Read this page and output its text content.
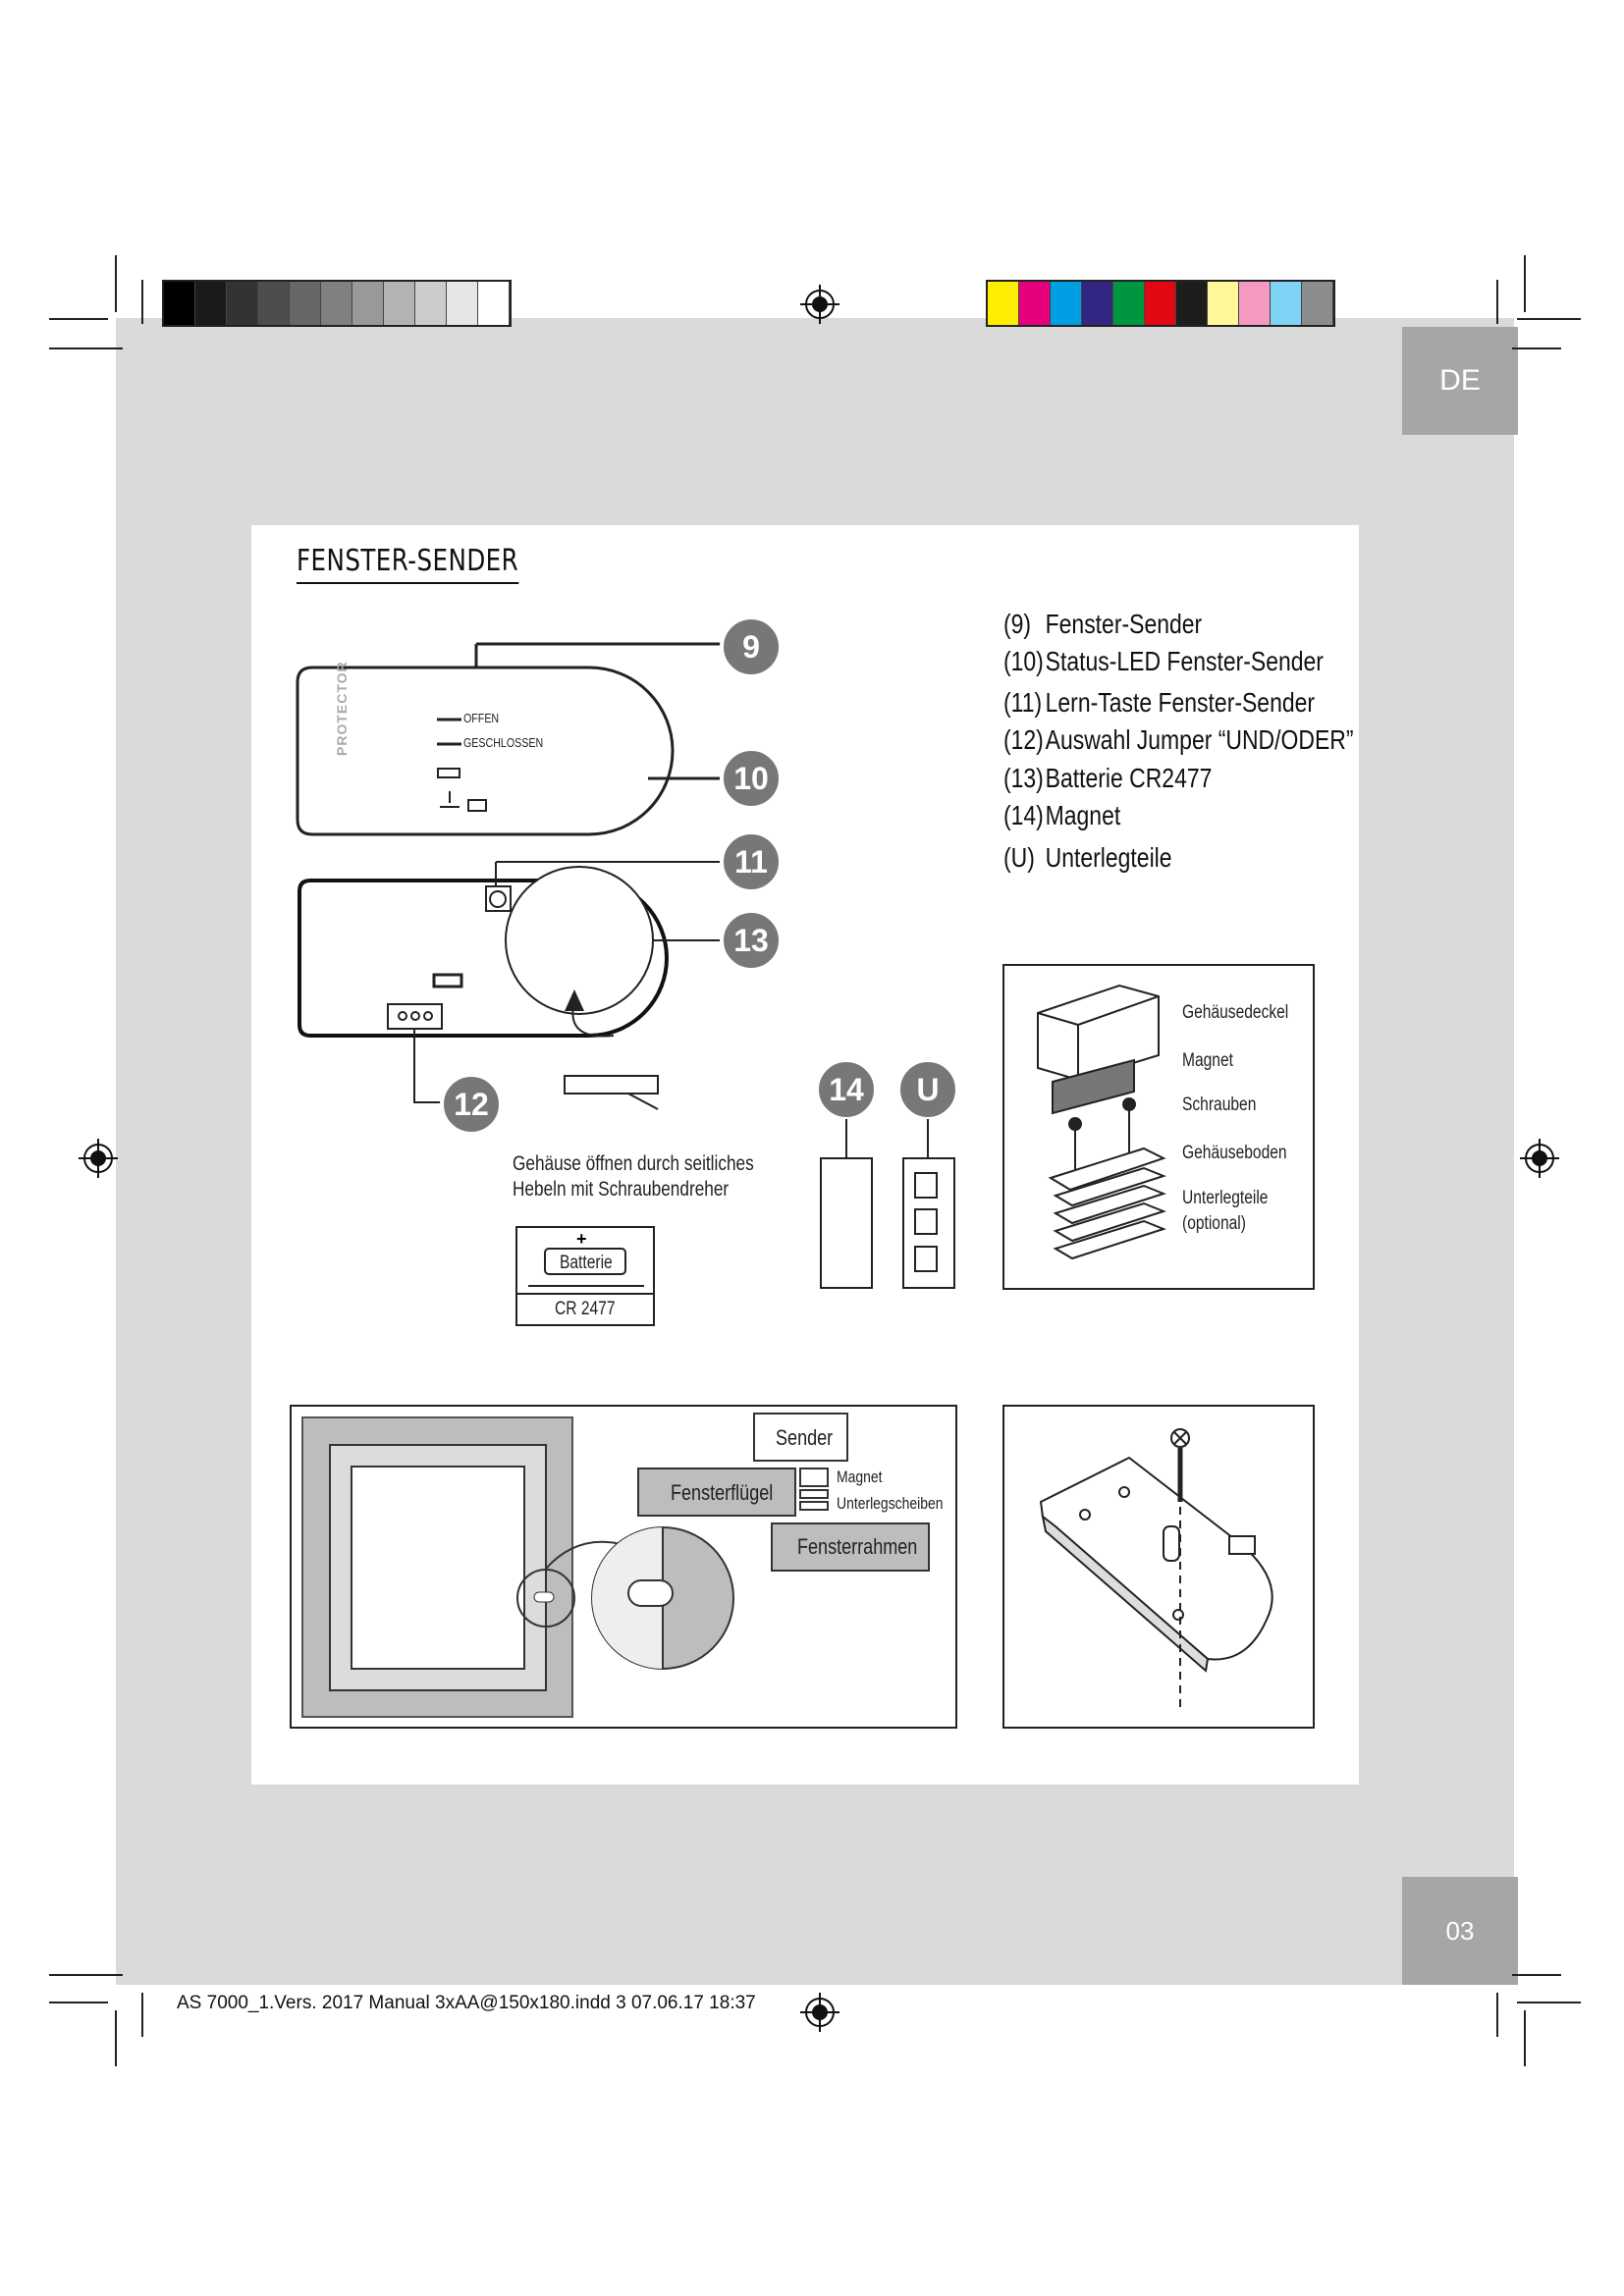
DE
03
FENSTER-SENDER
(9) Fenster-Sender
(10)Status-LED Fenster-Sender
(11) Lern-Taste Fenster-Sender
(12)Auswahl Jumper “UND/ODER”
(13)Batterie CR2477
(14)Magnet
(U) Unterlegteile
9
10
11
13
12	14 U
PROTECTOR	OFFEN
GESCHLOSSEN
Gehäuse öffnen durch seitliches
Hebeln mit Schraubendreher
+
Batterie
CR 2477
Gehäusedeckel
Magnet
Schrauben
Gehäuseboden
Unterlegteile
(optional)
Sender
Fensterflügel
Magnet
Unterlegscheiben
Fensterrahmen
AS 7000_1.Vers. 2017 Manual 3xAA@150x180.indd 3 07.06.17 18:37
